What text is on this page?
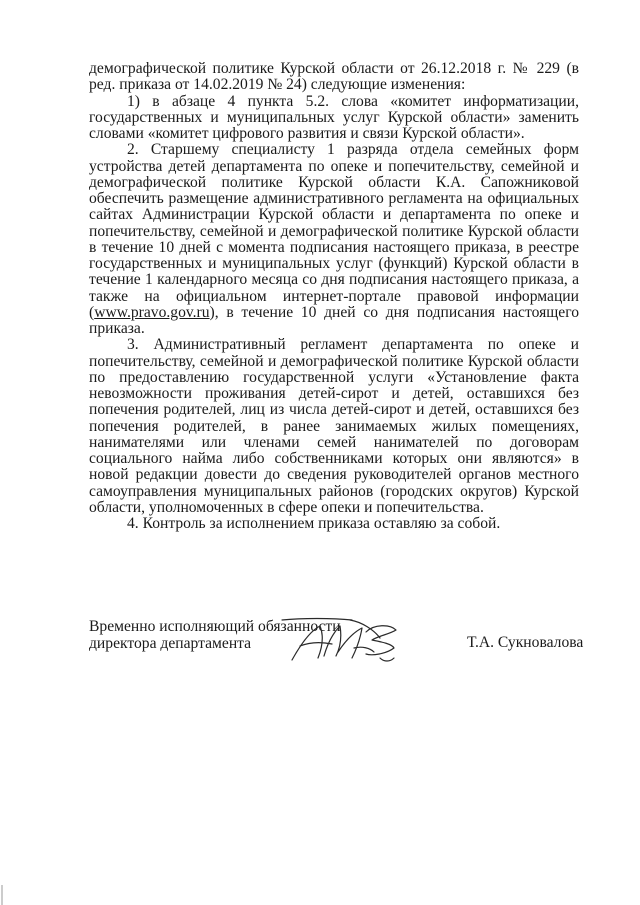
демографической политике Курской области от 26.12.2018 г. № 229 (в ред. приказа от 14.02.2019 № 24) следующие изменения:

1) в абзаце 4 пункта 5.2. слова «комитет информатизации, государственных и муниципальных услуг Курской области» заменить словами «комитет цифрового развития и связи Курской области».

2. Старшему специалисту 1 разряда отдела семейных форм устройства детей департамента по опеке и попечительству, семейной и демографической политике Курской области К.А. Сапожниковой обеспечить размещение административного регламента на официальных сайтах Администрации Курской области и департамента по опеке и попечительству, семейной и демографической политике Курской области в течение 10 дней с момента подписания настоящего приказа, в реестре государственных и муниципальных услуг (функций) Курской области в течение 1 календарного месяца со дня подписания настоящего приказа, а также на официальном интернет-портале правовой информации (www.pravo.gov.ru), в течение 10 дней со дня подписания настоящего приказа.

3. Административный регламент департамента по опеке и попечительству, семейной и демографической политике Курской области по предоставлению государственной услуги «Установление факта невозможности проживания детей-сирот и детей, оставшихся без попечения родителей, лиц из числа детей-сирот и детей, оставшихся без попечения родителей, в ранее занимаемых жилых помещениях, нанимателями или членами семей нанимателей по договорам социального найма либо собственниками которых они являются» в новой редакции довести до сведения руководителей органов местного самоуправления муниципальных районов (городских округов) Курской области, уполномоченных в сфере опеки и попечительства.

4. Контроль за исполнением приказа оставляю за собой.

Временно исполняющий обязанности
директора департамента	Т.А. Сукновалова
